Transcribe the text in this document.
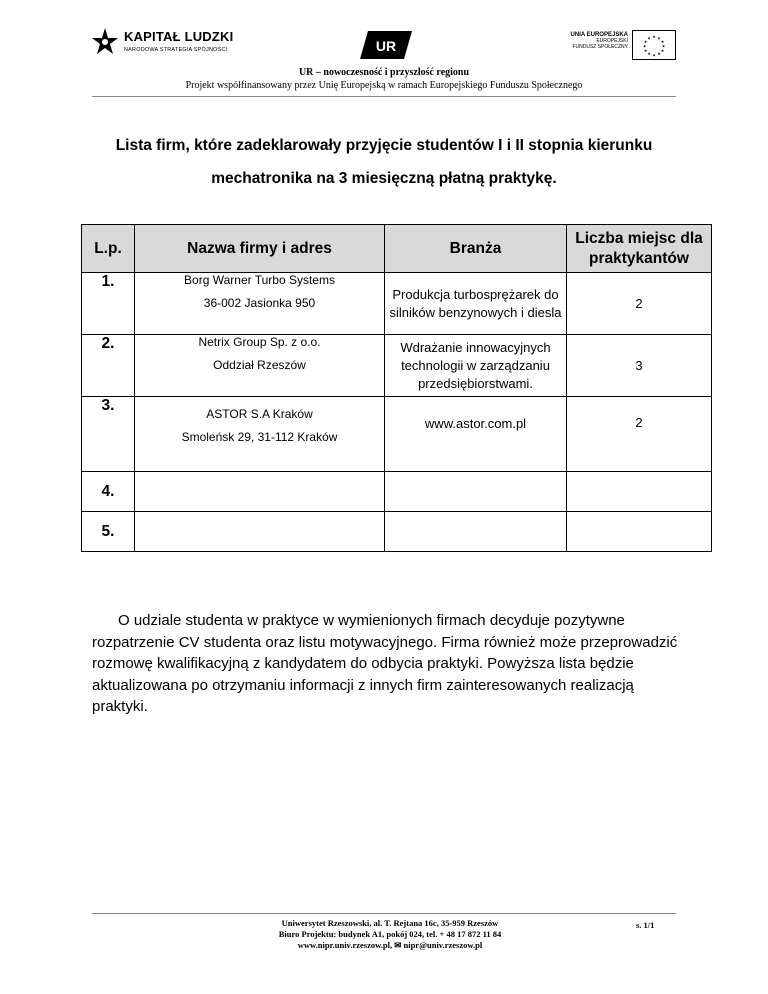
KAPITAŁ LUDZKI
NARODOWA STRATEGIA SPÓJNOŚCI	UR
UNIA EUROPEJSKA
EUROPEJSKI
FUNDUSZ SPOŁECZNY
★ ★
★
★
★
★
★
★
★
★
★
★
UR – nowoczesność i przyszłość regionu
Projekt współfinansowany przez Unię Europejską w ramach Europejskiego Funduszu Społecznego
Lista firm, które zadeklarowały przyjęcie studentów I i II stopnia kierunku
mechatronika na 3 miesięczną płatną praktykę.
L.p.	Nazwa firmy i adres	Branża	Liczba miejsc dla
praktykantów

1.	Borg Warner Turbo Systems
36-002 Jasionka 950	Produkcja turbosprężarek do silników benzynowych i diesla	2
2.	Netrix Group Sp. z o.o.
Oddział Rzeszów	Wdrażanie innowacyjnych technologii w zarządzaniu przedsiębiorstwami.	3
3.	ASTOR S.A Kraków
Smoleńsk 29, 31-112 Kraków	www.astor.com.pl	2
4.			
5.			
O udziale studenta w praktyce w wymienionych firmach decyduje pozytywne rozpatrzenie CV studenta oraz listu motywacyjnego. Firma również może przeprowadzić rozmowę kwalifikacyjną z kandydatem do odbycia praktyki. Powyższa lista będzie aktualizowana po otrzymaniu informacji z innych firm zainteresowanych realizacją praktyki.
Uniwersytet Rzeszowski, al. T. Rejtana 16c, 35-959 Rzeszów
Biuro Projektu: budynek A1, pokój 024, tel. + 48 17 872 11 84
www.nipr.univ.rzeszow.pl, ✉ nipr@univ.rzeszow.pl
s. 1/1
